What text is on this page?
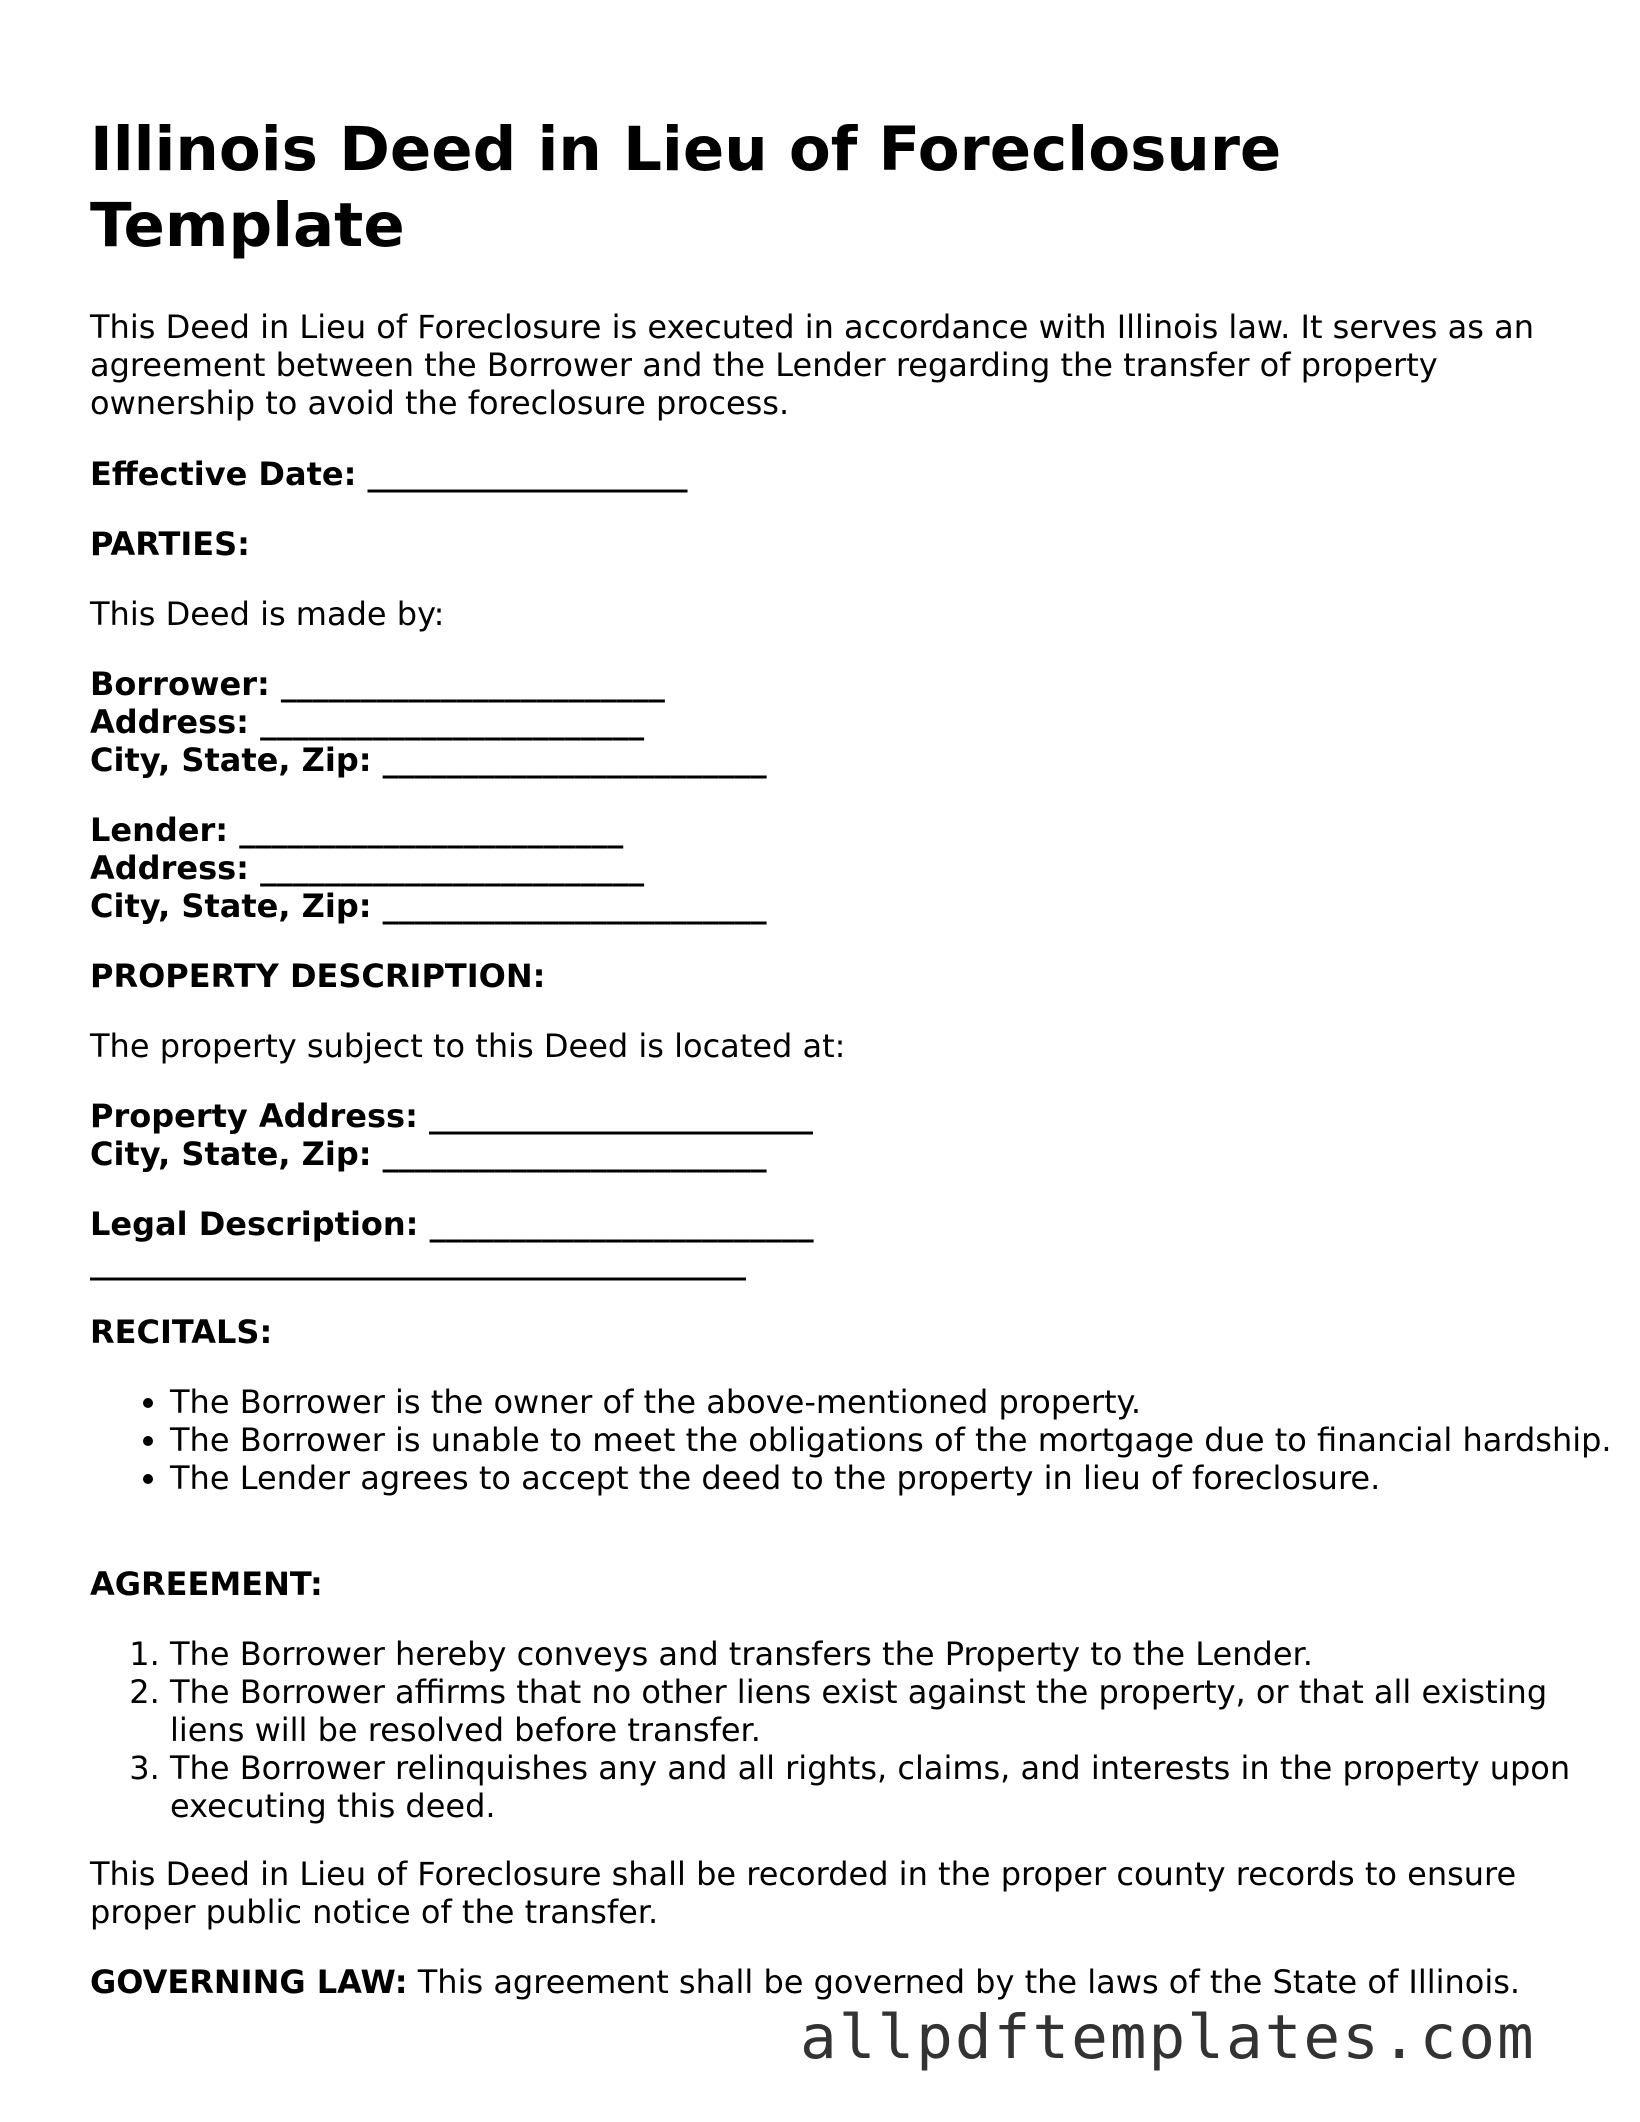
Illinois Deed in Lieu of Foreclosure Template

This Deed in Lieu of Foreclosure is executed in accordance with Illinois law. It serves as an agreement between the Borrower and the Lender regarding the transfer of property ownership to avoid the foreclosure process.

Effective Date: ____________________

PARTIES:

This Deed is made by:

Borrower: ________________________

Address: ________________________

City, State, Zip: ________________________

Lender: ________________________

Address: ________________________

City, State, Zip: ________________________

PROPERTY DESCRIPTION:

The property subject to this Deed is located at:

Property Address: ________________________

City, State, Zip: ________________________

Legal Description: ________________________

_________________________________________

RECITALS:

• The Borrower is the owner of the above-mentioned property.
• The Borrower is unable to meet the obligations of the mortgage due to financial hardship.
• The Lender agrees to accept the deed to the property in lieu of foreclosure.

AGREEMENT:

1. The Borrower hereby conveys and transfers the Property to the Lender.
2. The Borrower affirms that no other liens exist against the property, or that all existing liens will be resolved before transfer.
3. The Borrower relinquishes any and all rights, claims, and interests in the property upon executing this deed.

This Deed in Lieu of Foreclosure shall be recorded in the proper county records to ensure proper public notice of the transfer.

GOVERNING LAW: This agreement shall be governed by the laws of the State of Illinois.

allpdftemplates.com
